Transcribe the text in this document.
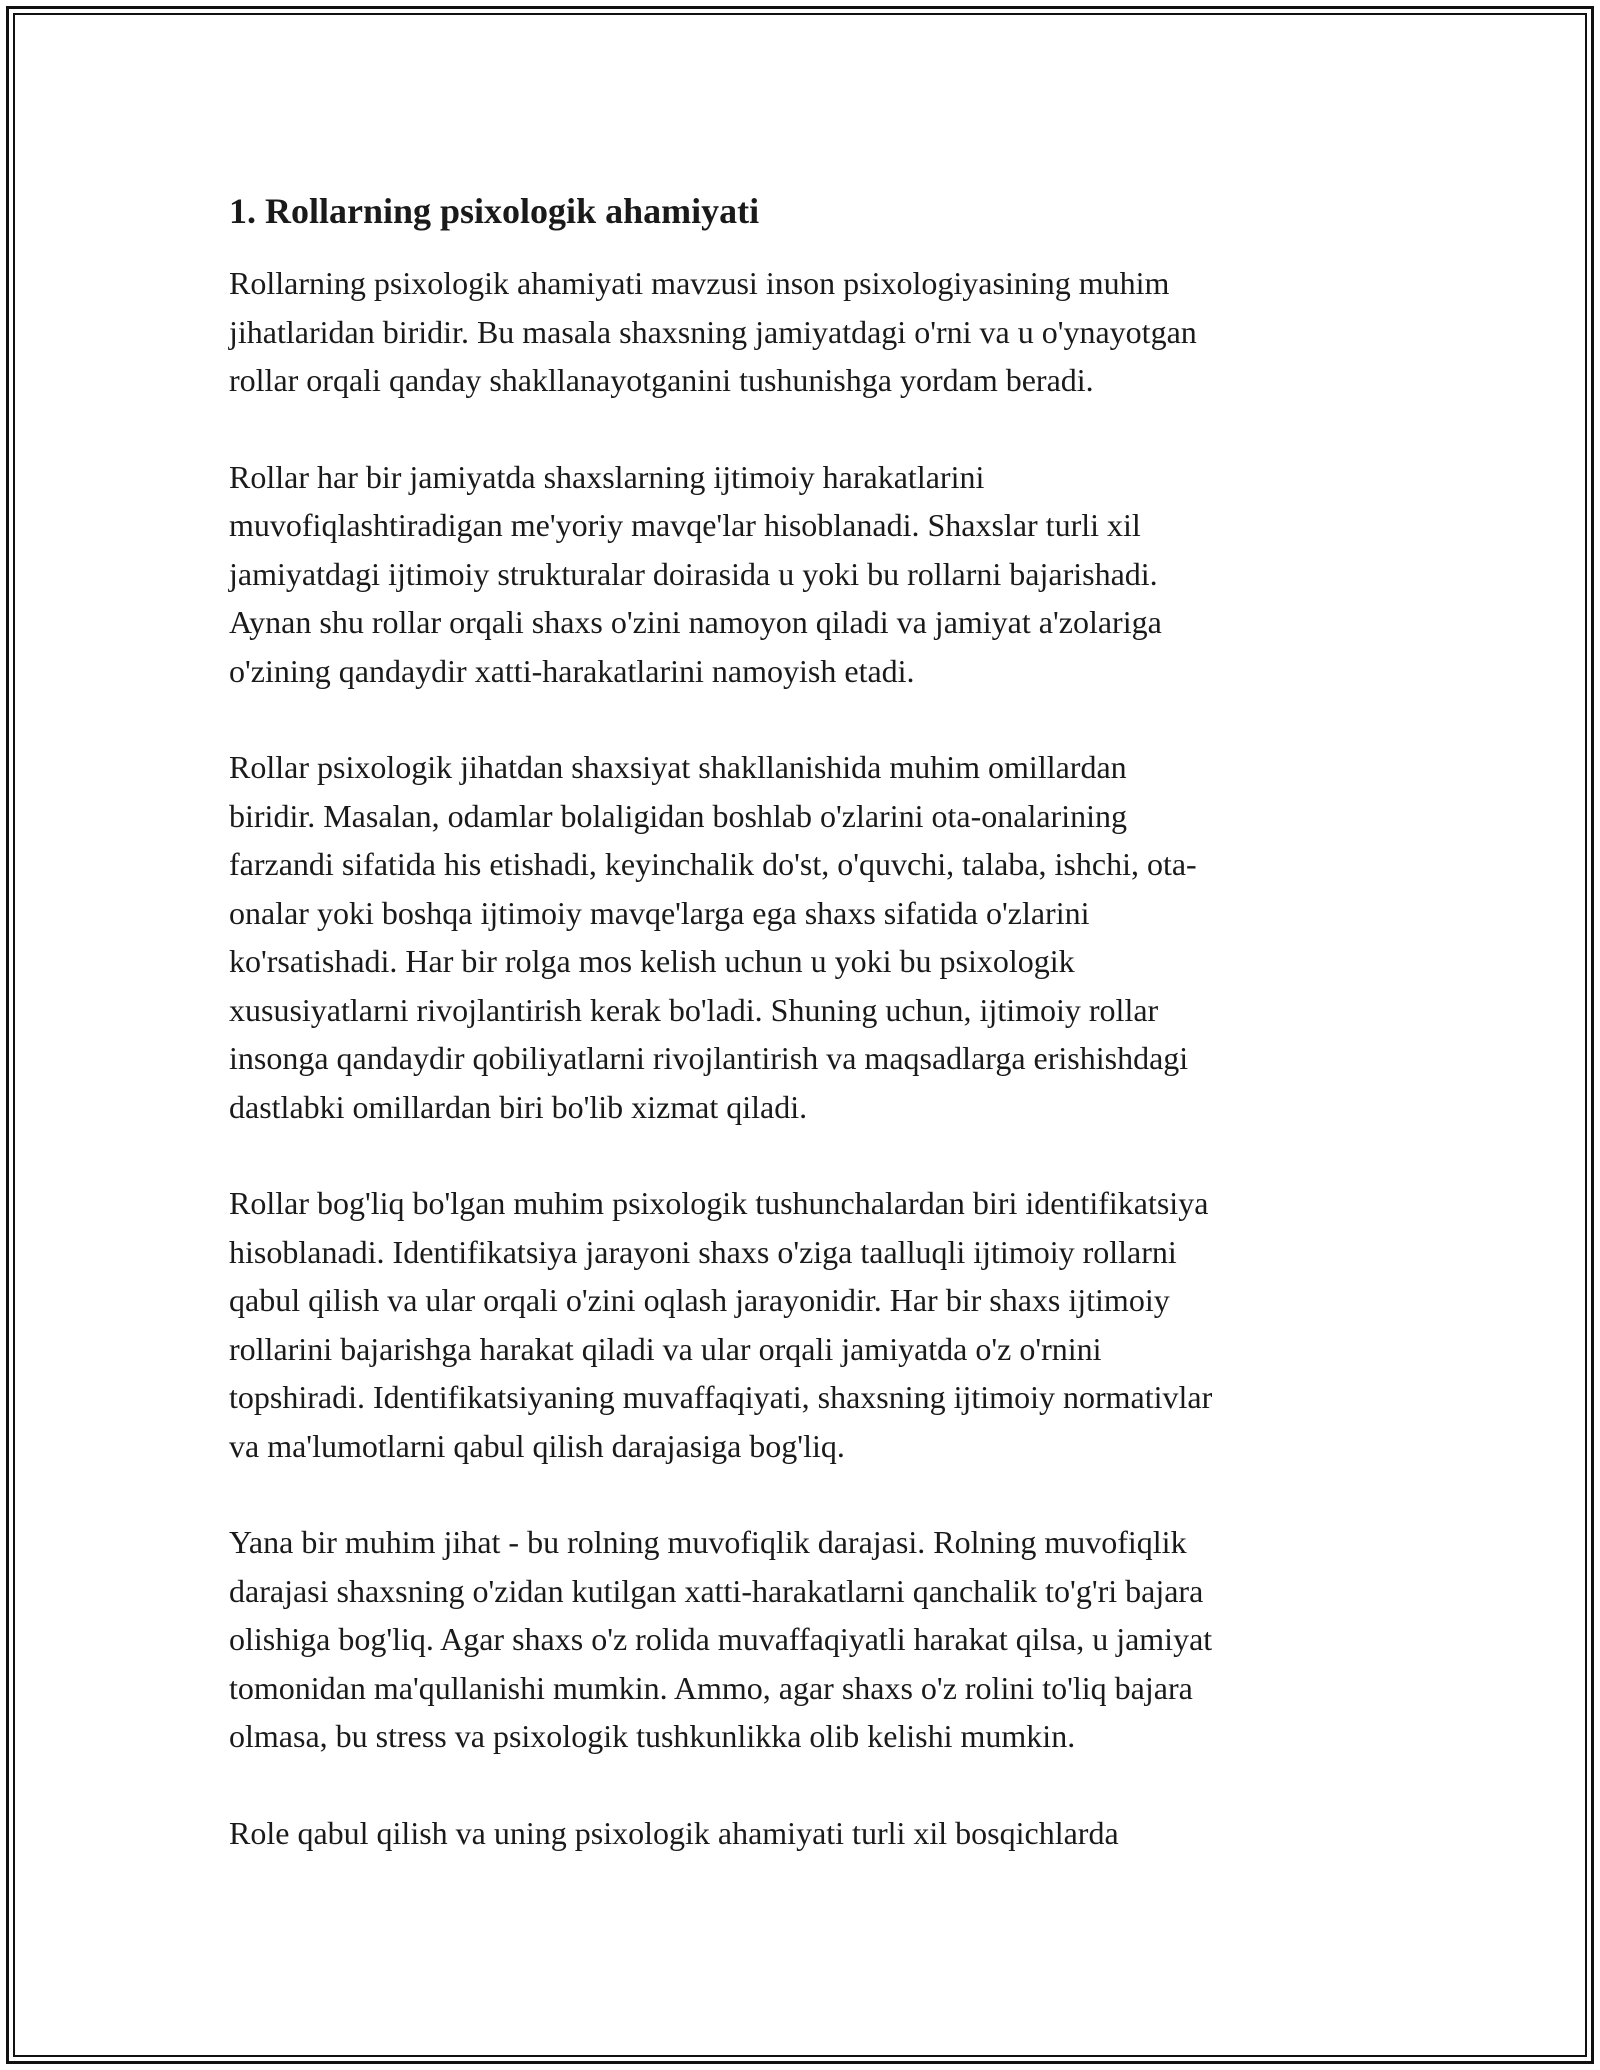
1. Rollarning psixologik ahamiyati

Rollarning psixologik ahamiyati mavzusi inson psixologiyasining muhim
jihatlaridan biridir. Bu masala shaxsning jamiyatdagi o'rni va u o'ynayotgan
rollar orqali qanday shakllanayotganini tushunishga yordam beradi.

Rollar har bir jamiyatda shaxslarning ijtimoiy harakatlarini
muvofiqlashtiradigan me'yoriy mavqe'lar hisoblanadi. Shaxslar turli xil
jamiyatdagi ijtimoiy strukturalar doirasida u yoki bu rollarni bajarishadi.
Aynan shu rollar orqali shaxs o'zini namoyon qiladi va jamiyat a'zolariga
o'zining qandaydir xatti-harakatlarini namoyish etadi.

Rollar psixologik jihatdan shaxsiyat shakllanishida muhim omillardan
biridir. Masalan, odamlar bolaligidan boshlab o'zlarini ota-onalarining
farzandi sifatida his etishadi, keyinchalik do'st, o'quvchi, talaba, ishchi, ota-
onalar yoki boshqa ijtimoiy mavqe'larga ega shaxs sifatida o'zlarini
ko'rsatishadi. Har bir rolga mos kelish uchun u yoki bu psixologik
xususiyatlarni rivojlantirish kerak bo'ladi. Shuning uchun, ijtimoiy rollar
insonga qandaydir qobiliyatlarni rivojlantirish va maqsadlarga erishishdagi
dastlabki omillardan biri bo'lib xizmat qiladi.

Rollar bog'liq bo'lgan muhim psixologik tushunchalardan biri identifikatsiya
hisoblanadi. Identifikatsiya jarayoni shaxs o'ziga taalluqli ijtimoiy rollarni
qabul qilish va ular orqali o'zini oqlash jarayonidir. Har bir shaxs ijtimoiy
rollarini bajarishga harakat qiladi va ular orqali jamiyatda o'z o'rnini
topshiradi. Identifikatsiyaning muvaffaqiyati, shaxsning ijtimoiy normativlar
va ma'lumotlarni qabul qilish darajasiga bog'liq.

Yana bir muhim jihat - bu rolning muvofiqlik darajasi. Rolning muvofiqlik
darajasi shaxsning o'zidan kutilgan xatti-harakatlarni qanchalik to'g'ri bajara
olishiga bog'liq. Agar shaxs o'z rolida muvaffaqiyatli harakat qilsa, u jamiyat
tomonidan ma'qullanishi mumkin. Ammo, agar shaxs o'z rolini to'liq bajara
olmasa, bu stress va psixologik tushkunlikka olib kelishi mumkin.

Role qabul qilish va uning psixologik ahamiyati turli xil bosqichlarda
